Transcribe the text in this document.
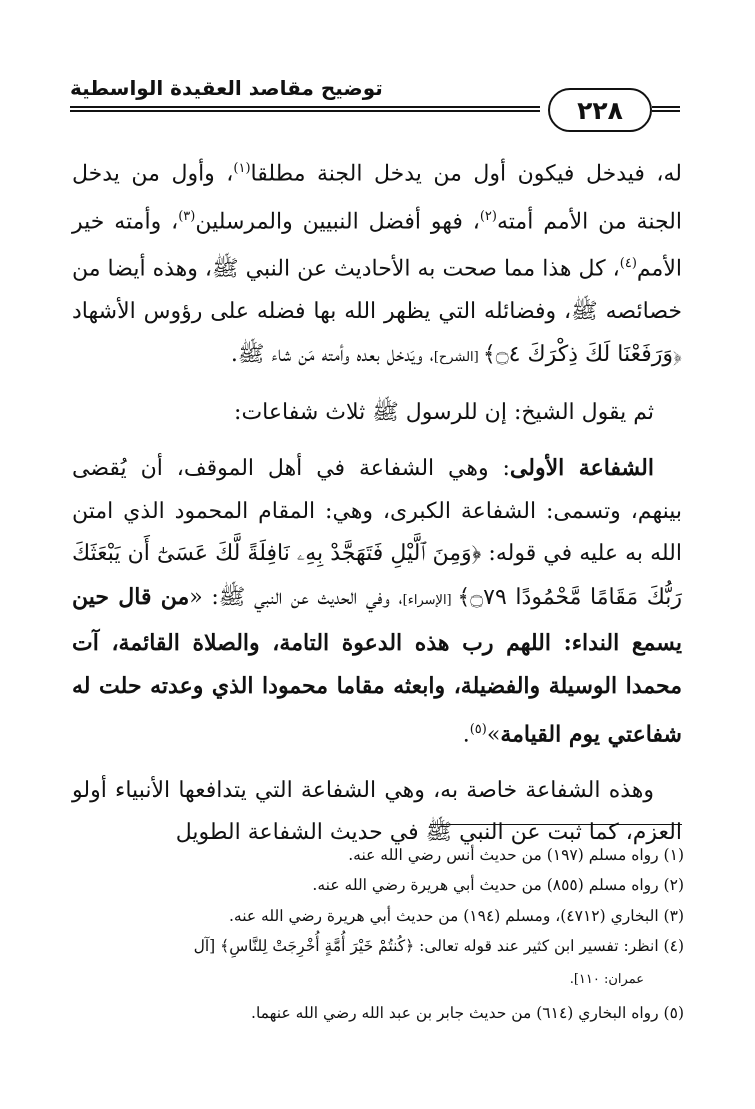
توضيح مقاصد العقيدة الواسطية
٢٢٨

له، فيدخل فيكون أول من يدخل الجنة مطلقا$^{(١)}$، وأول من يدخل الجنة من الأمم أمته$^{(٢)}$، فهو أفضل النبيين والمرسلين$^{(٣)}$، وأمته خير الأمم$^{(٤)}$، كل هذا مما صحت به الأحاديث عن النبي ﷺ، وهذه أيضا من خصائصه ﷺ، وفضائله التي يظهر الله بها فضله على رؤوس الأشهاد ﴿وَرَفَعْنَا لَكَ ذِكْرَكَ ۝٤﴾ [الشرح]، ويَدخل بعده وأمته مَن شاء ﷺ.

ثم يقول الشيخ: إن للرسول ﷺ ثلاث شفاعات:

الشفاعة الأولى: وهي الشفاعة في أهل الموقف، أن يُقضى بينهم، وتسمى: الشفاعة الكبرى، وهي: المقام المحمود الذي امتن الله به عليه في قوله: ﴿وَمِنَ ٱلَّيْلِ فَتَهَجَّدْ بِهِۦ نَافِلَةً لَّكَ عَسَىٰٓ أَن يَبْعَثَكَ رَبُّكَ مَقَامًا مَّحْمُودًا ۝٧٩﴾ [الإسراء]، وفي الحديث عن النبي ﷺ: «من قال حين يسمع النداء: اللهم رب هذه الدعوة التامة، والصلاة القائمة، آت محمدا الوسيلة والفضيلة، وابعثه مقاما محمودا الذي وعدته حلت له شفاعتي يوم القيامة»$^{(٥)}$.

وهذه الشفاعة خاصة به، وهي الشفاعة التي يتدافعها الأنبياء أولو العزم، كما ثبت عن النبي ﷺ في حديث الشفاعة الطويل

(١) رواه مسلم (١٩٧) من حديث أنس رضي الله عنه.
(٢) رواه مسلم (٨٥٥) من حديث أبي هريرة رضي الله عنه.
(٣) البخاري (٤٧١٢)، ومسلم (١٩٤) من حديث أبي هريرة رضي الله عنه.
(٤) انظر: تفسير ابن كثير عند قوله تعالى: ﴿كُنتُمْ خَيْرَ أُمَّةٍ أُخْرِجَتْ لِلنَّاسِ﴾ [آل
عمران: ١١٠].
(٥) رواه البخاري (٦١٤) من حديث جابر بن عبد الله رضي الله عنهما.
